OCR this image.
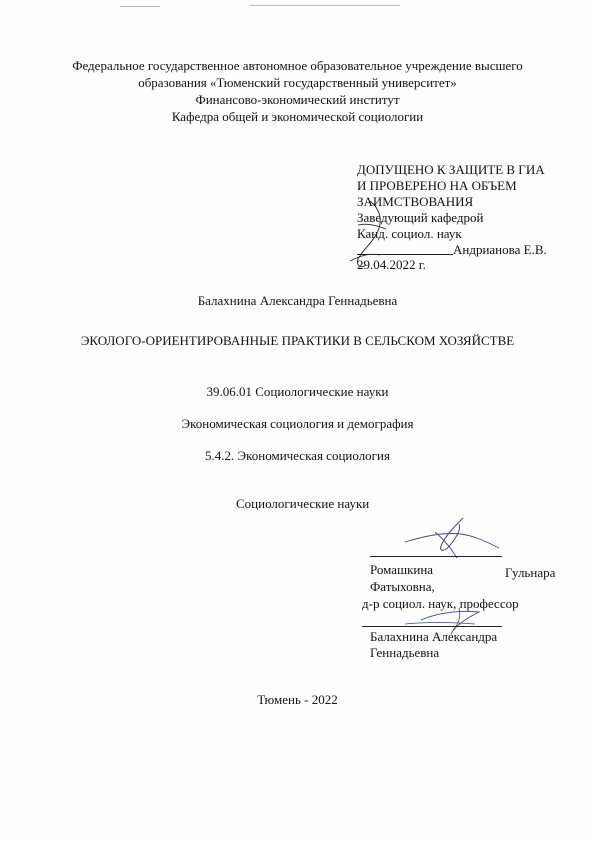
Федеральное государственное автономное образовательное учреждение высшего
образования «Тюменский государственный университет»
Финансово-экономический институт
Кафедра общей и экономической социологии
ДОПУЩЕНО К ЗАЩИТЕ В ГИА
И ПРОВЕРЕНО НА ОБЪЕМ
ЗАИМСТВОВАНИЯ
Заведующий кафедрой
Канд. социол. наук
Андрианова Е.В.
29.04.2022 г.
Балахнина Александра Геннадьевна
ЭКОЛОГО-ОРИЕНТИРОВАННЫЕ ПРАКТИКИ В СЕЛЬСКОМ ХОЗЯЙСТВЕ
39.06.01 Социологические науки
Экономическая социология и демография
5.4.2. Экономическая социология
Социологические науки
Ромашкина	Гульнара
Фатыховна,
д-р социол. наук, профессор
Балахнина Александра
Геннадьевна
Тюмень - 2022
